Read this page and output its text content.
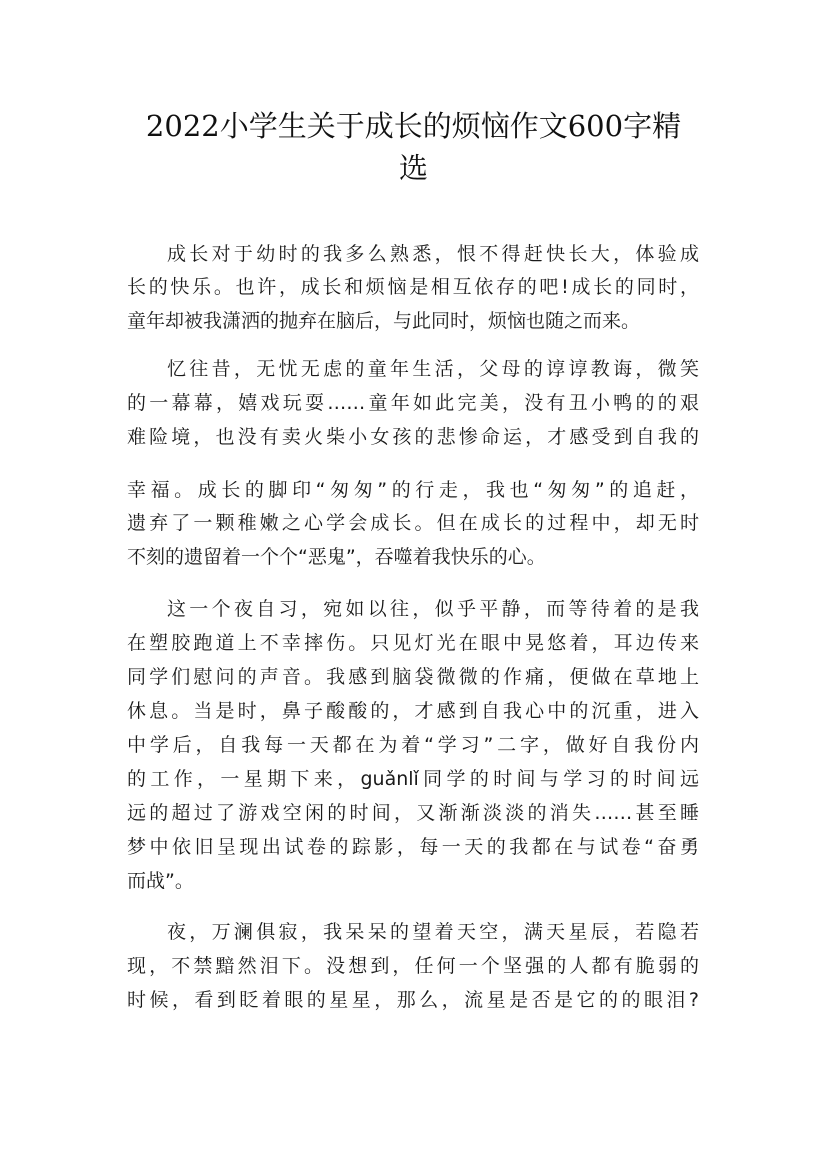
2022小学生关于成长的烦恼作文600字精
选
成长对于幼时的我多么熟悉，恨不得赶快长大，体验成
长的快乐。也许，成长和烦恼是相互依存的吧!成长的同时，
童年却被我潇洒的抛弃在脑后，与此同时，烦恼也随之而来。
忆往昔，无忧无虑的童年生活，父母的谆谆教诲，微笑
的一幕幕，嬉戏玩耍……童年如此完美，没有丑小鸭的的艰
难险境，也没有卖火柴小女孩的悲惨命运，才感受到自我的
幸福。成长的脚印“匆匆”的行走，我也“匆匆”的追赶，
遗弃了一颗稚嫩之心学会成长。但在成长的过程中，却无时
不刻的遗留着一个个“恶鬼”，吞噬着我快乐的心。
这一个夜自习，宛如以往，似乎平静，而等待着的是我
在塑胶跑道上不幸摔伤。只见灯光在眼中晃悠着，耳边传来
同学们慰问的声音。我感到脑袋微微的作痛，便做在草地上
休息。当是时，鼻子酸酸的，才感到自我心中的沉重，进入
中学后，自我每一天都在为着“学习”二字，做好自我份内
的工作，一星期下来，guǎnlǐ同学的时间与学习的时间远
远的超过了游戏空闲的时间，又渐渐淡淡的消失……甚至睡
梦中依旧呈现出试卷的踪影，每一天的我都在与试卷“奋勇
而战”。
夜，万澜俱寂，我呆呆的望着天空，满天星辰，若隐若
现，不禁黯然泪下。没想到，任何一个坚强的人都有脆弱的
时候，看到眨着眼的星星，那么，流星是否是它的的眼泪?
